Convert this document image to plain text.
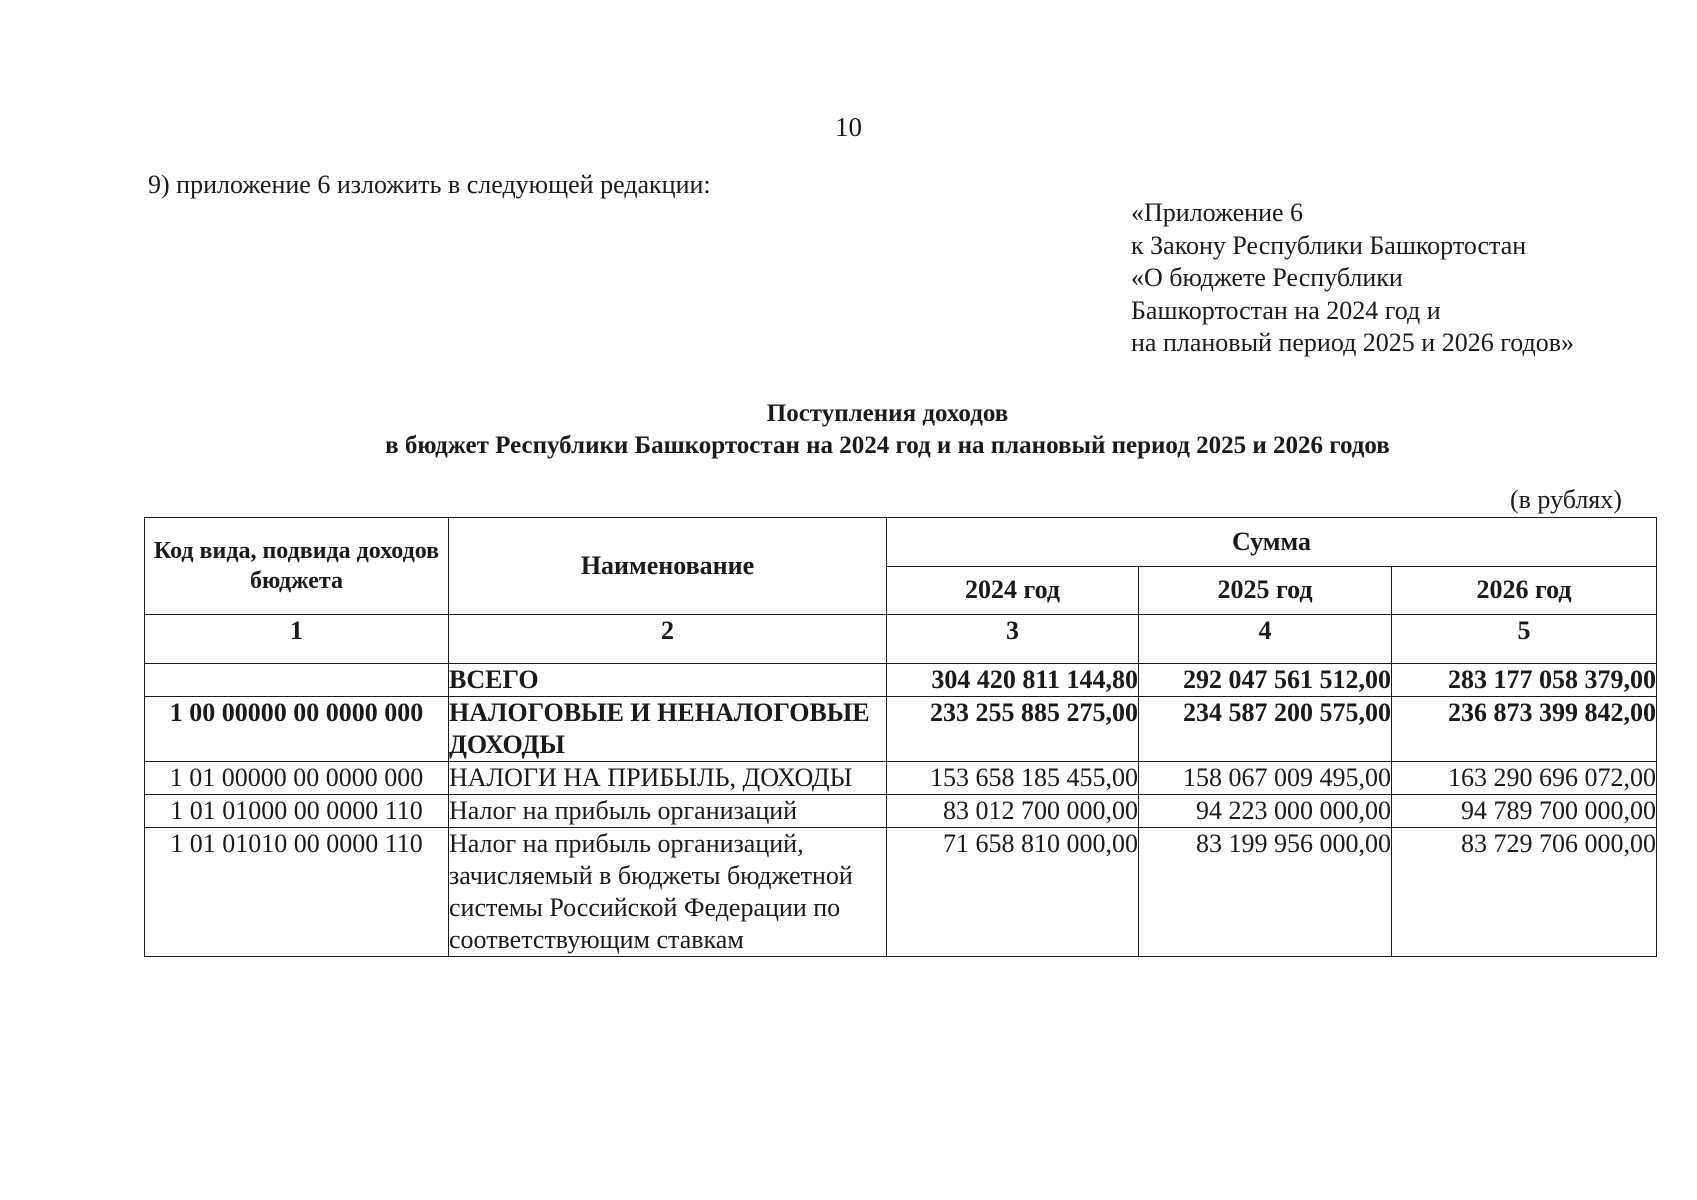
10
9) приложение 6 изложить в следующей редакции:
«Приложение 6
к Закону Республики Башкортостан
«О бюджете Республики
Башкортостан на 2024 год и
на плановый период 2025 и 2026 годов»
Поступления доходов
в бюджет Республики Башкортостан на 2024 год и на плановый период 2025 и 2026 годов
(в рублях)
Код вида, подвида доходов бюджета	Наименование	Сумма		
		2024 год	2025 год	2026 год
1	2	3	4	5
	ВСЕГО	304 420 811 144,80	292 047 561 512,00	283 177 058 379,00
1 00 00000 00 0000 000	НАЛОГОВЫЕ И НЕНАЛОГОВЫЕ ДОХОДЫ	233 255 885 275,00	234 587 200 575,00	236 873 399 842,00
1 01 00000 00 0000 000	НАЛОГИ НА ПРИБЫЛЬ, ДОХОДЫ	153 658 185 455,00	158 067 009 495,00	163 290 696 072,00
1 01 01000 00 0000 110	Налог на прибыль организаций	83 012 700 000,00	94 223 000 000,00	94 789 700 000,00
1 01 01010 00 0000 110	Налог на прибыль организаций, зачисляемый в бюджеты бюджетной системы Российской Федерации по соответствующим ставкам	71 658 810 000,00	83 199 956 000,00	83 729 706 000,00
